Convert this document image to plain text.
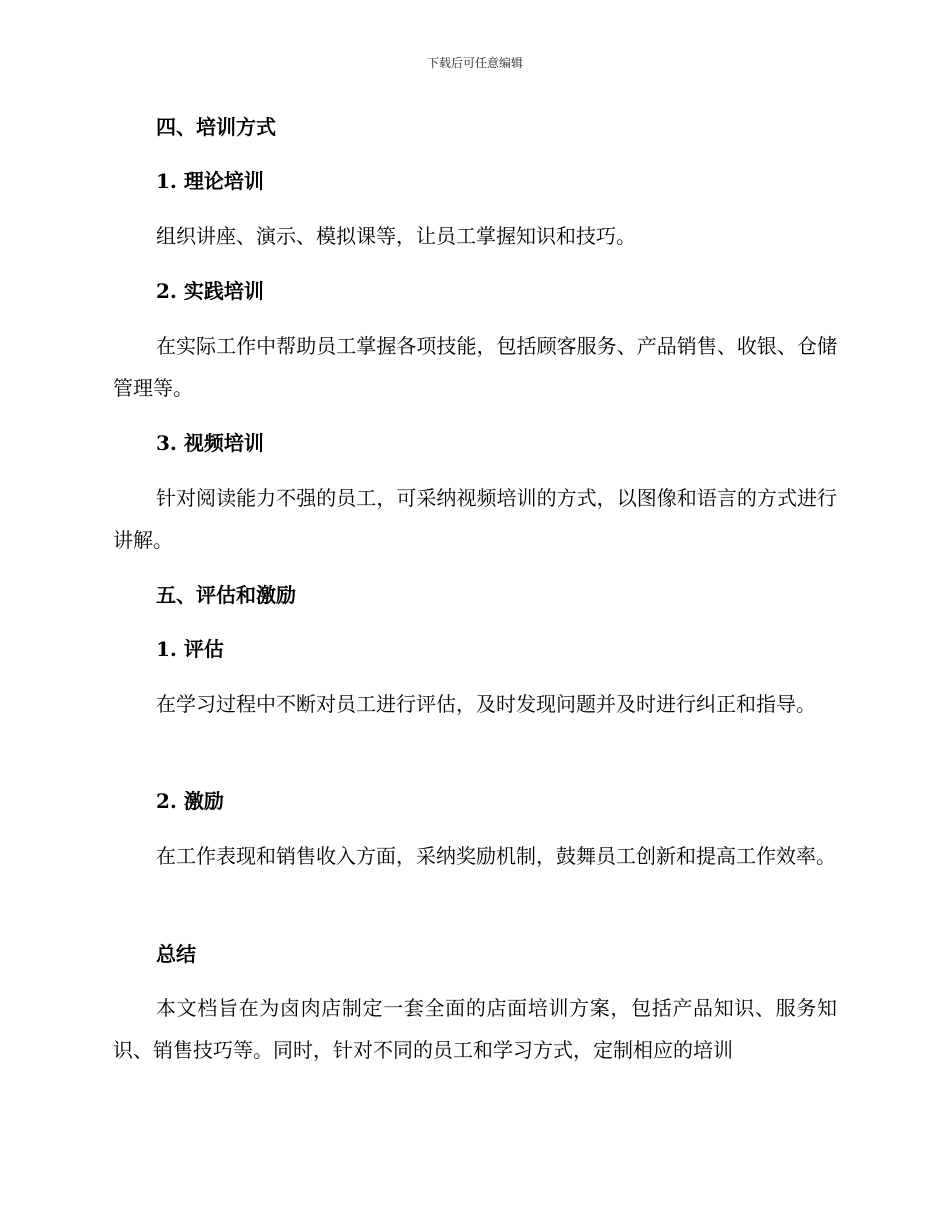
下载后可任意编辑
四、培训方式
1. 理论培训
组织讲座、演示、模拟课等，让员工掌握知识和技巧。
2. 实践培训
在实际工作中帮助员工掌握各项技能，包括顾客服务、产品销售、收银、仓储管理等。
3. 视频培训
针对阅读能力不强的员工，可采纳视频培训的方式，以图像和语言的方式进行讲解。
五、评估和激励
1. 评估
在学习过程中不断对员工进行评估，及时发现问题并及时进行纠正和指导。
2. 激励
在工作表现和销售收入方面，采纳奖励机制，鼓舞员工创新和提高工作效率。
总结
本文档旨在为卤肉店制定一套全面的店面培训方案，包括产品知识、服务知识、销售技巧等。同时，针对不同的员工和学习方式，定制相应的培训
